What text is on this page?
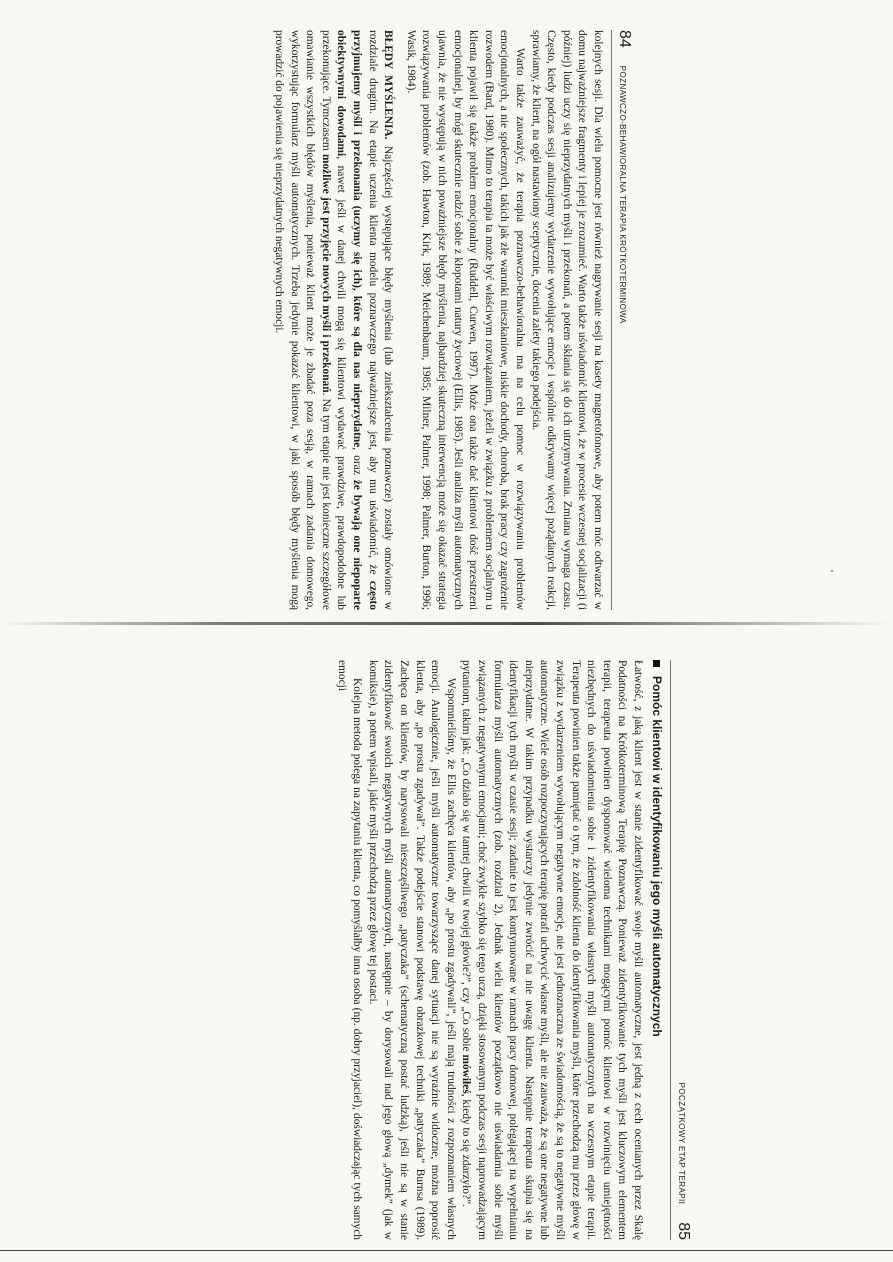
84
POZNAWCZO-BEHAWIORALNA TERAPIA KRÓTKOTERMINOWA

kolejnych sesji. Dla wielu pomocne jest również nagrywanie sesji na kasety magnetofonowe, aby potem móc odtwarzać w domu najważniejsze fragmenty i lepiej je zrozumieć. Warto także uświadomić klientowi, że w procesie wczesnej socjalizacji (i później) ludzi uczy się nieprzydatnych myśli i przekonań, a potem skłania się do ich utrzymywania. Zmiana wymaga czasu. Często, kiedy podczas sesji analizujemy wydarzenie wywołujące emocje i wspólnie odkrywamy więcej pożądanych reakcji, sprawiamy, że klient, na ogół nastawiony sceptycznie, docenia zalety takiego podejścia.

Warto także zauważyć, że terapia poznawczo-behawioralna ma na celu pomoc w rozwiązywaniu problemów emocjonalnych, a nie społecznych, takich jak złe warunki mieszkaniowe, niskie dochody, choroba, brak pracy czy zagrożenie rozwodem (Bard, 1980). Mimo to terapia ta może być właściwym rozwiązaniem, jeżeli w związku z problemem socjalnym u klienta pojawił się także problem emocjonalny (Ruddell, Curwen, 1997). Może ona także dać klientowi dość przestrzeni emocjonalnej, by mógł skutecznie radzić sobie z kłopotami natury życiowej (Ellis, 1985). Jeśli analiza myśli automatycznych ujawnia, że nie występują w nich poważniejsze błędy myślenia, najbardziej skuteczną interwencją może się okazać strategia rozwiązywania problemów (zob. Hawton, Kirk, 1989; Meichenbaum, 1985; Milner, Palmer, 1998; Palmer, Burton, 1996; Wasik, 1984).

BŁĘDY MYŚLENIA. Najczęściej występujące błędy myślenia (lub zniekształcenia poznawcze) zostały omówione w rozdziale drugim. Na etapie uczenia klienta modelu poznawczego najważniejsze jest, aby mu uświadomić, że często przyjmujemy myśli i przekonania (uczymy się ich), które są dla nas nieprzydatne, oraz że bywają one niepoparte obiektywnymi dowodami, nawet jeśli w danej chwili mogą się klientowi wydawać prawdziwe, prawdopodobne lub przekonujące. Tymczasem możliwe jest przyjęcie nowych myśli i przekonań. Na tym etapie nie jest konieczne szczegółowe omawianie wszystkich błędów myślenia, ponieważ klient może je zbadać poza sesją, w ramach zadania domowego, wykorzystując formularz myśli automatycznych. Trzeba jedynie pokazać klientowi, w jaki sposób błędy myślenia mogą prowadzić do pojawienia się nieprzydatnych negatywnych emocji.

POCZĄTKOWY ETAP TERAPII
85
Pomóc klientowi w identyfikowaniu jego myśli automatycznych

Łatwość, z jaką klient jest w stanie zidentyfikować swoje myśli automatyczne, jest jedną z cech ocenianych przez Skalę Podatności na Krótkoterminową Terapię Poznawczą. Ponieważ zidentyfikowanie tych myśli jest kluczowym elementem terapii, terapeuta powinien dysponować wieloma technikami mogącymi pomóc klientowi w rozwinięciu umiejętności niezbędnych do uświadomienia sobie i zidentyfikowania własnych myśli automatycznych na wczesnym etapie terapii. Terapeuta powinien także pamiętać o tym, że zdolność klienta do identyfikowania myśli, które przechodzą mu przez głowę w związku z wydarzeniem wywołującym negatywne emocje, nie jest jednoznaczna ze świadomością, że są to negatywne myśli automatyczne. Wiele osób rozpoczynających terapię potrafi uchwycić własne myśli, ale nie zauważa, że są one negatywne lub nieprzydatne. W takim przypadku wystarczy jedynie zwrócić na nie uwagę klienta. Następnie terapeuta skupia się na identyfikacji tych myśli w czasie sesji; zadanie to jest kontynuowane w ramach pracy domowej, polegającej na wypełnianiu formularza myśli automatycznych (zob. rozdział 2). Jednak wielu klientów początkowo nie uświadamia sobie myśli związanych z negatywnymi emocjami; choć zwykle szybko się tego uczą, dzięki stosowanym podczas sesji naprowadzającym pytaniom, takim jak: „Co działo się w tamtej chwili w twojej głowie?”, czy „Co sobie mówiłeś, kiedy to się zdarzyło?”.

Wspomnieliśmy, że Ellis zachęca klientów, aby „po prostu zgadywali”, jeśli mają trudności z rozpoznaniem własnych emocji. Analogicznie, jeśli myśli automatyczne towarzyszące danej sytuacji nie są wyraźnie widoczne, można poprosić klienta, aby „po prostu zgadywał”. Także podejście stanowi podstawę obrazkowej techniki „patyczaka” Burnsa (1989). Zachęca on klientów, by narysowali nieszczęśliwego „patyczaka” (schematyczną postać ludzką), jeśli nie są w stanie zidentyfikować swoich negatywnych myśli automatycznych, następnie – by dorysowali nad jego głową „dymek” (jak w komiksie), a potem wpisali, jakie myśli przechodzą przez głowę tej postaci.

Kolejna metoda polega na zapytaniu klienta, co pomyślałby inna osoba (np. dobry przyjaciel), doświadczając tych samych emocji
